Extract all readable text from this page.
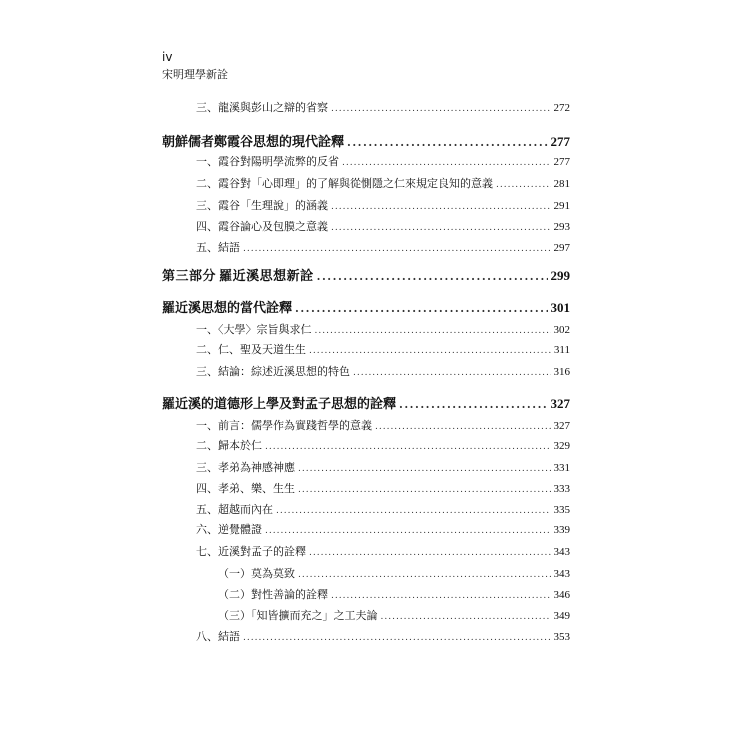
iv
宋明理學新詮
三、龍溪與彭山之辯的省察 .....	272
朝鮮儒者鄭霞谷思想的現代詮釋 .....	277
一、霞谷對陽明學流弊的反省 .....	277
二、霞谷對「心即理」的了解與從惻隱之仁來規定良知的意義 .....	281
三、霞谷「生理說」的涵義 .....	291
四、霞谷論心及包膜之意義 .....	293
五、結語 .....	297
第三部分 羅近溪思想新詮 .....	299
羅近溪思想的當代詮釋 .....	301
一、〈大學〉宗旨與求仁 .....	302
二、仁、聖及天道生生 .....	311
三、結論：綜述近溪思想的特色 .....	316
羅近溪的道德形上學及對孟子思想的詮釋 .....	327
一、前言：儒學作為實踐哲學的意義 .....	327
二、歸本於仁 .....	329
三、孝弟為神感神應 .....	331
四、孝弟、樂、生生 .....	333
五、超越而內在 .....	335
六、逆覺體證 .....	339
七、近溪對孟子的詮釋 .....	343
（一）莫為莫致 .....	343
（二）對性善論的詮釋 .....	346
（三）「知皆擴而充之」之工夫論 .....	349
八、結語 .....	353
